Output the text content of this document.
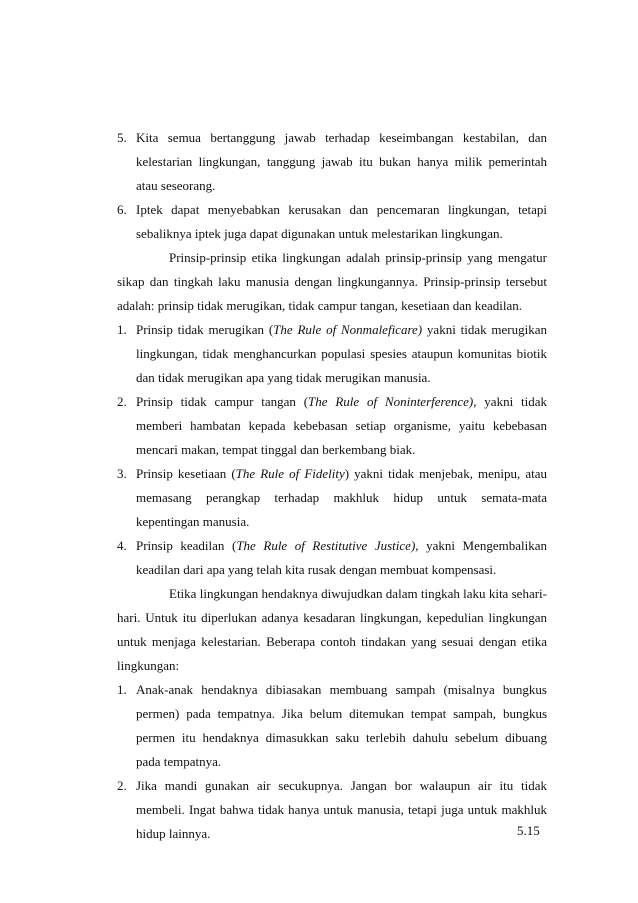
5. Kita semua bertanggung jawab terhadap keseimbangan kestabilan, dan
kelestarian lingkungan, tanggung jawab itu bukan hanya milik pemerintah
atau seseorang.
6. Iptek dapat menyebabkan kerusakan dan pencemaran lingkungan, tetapi
sebaliknya iptek juga dapat digunakan untuk melestarikan lingkungan.
Prinsip-prinsip etika lingkungan adalah prinsip-prinsip yang mengatur
sikap dan tingkah laku manusia dengan lingkungannya. Prinsip-prinsip tersebut
adalah: prinsip tidak merugikan, tidak campur tangan, kesetiaan dan keadilan.
1. Prinsip tidak merugikan (The Rule of Nonmaleficare) yakni tidak merugikan
lingkungan, tidak menghancurkan populasi spesies ataupun komunitas biotik
dan tidak merugikan apa yang tidak merugikan manusia.
2. Prinsip tidak campur tangan (The Rule of Noninterference), yakni tidak
memberi hambatan kepada kebebasan setiap organisme, yaitu kebebasan
mencari makan, tempat tinggal dan berkembang biak.
3. Prinsip kesetiaan (The Rule of Fidelity) yakni tidak menjebak, menipu, atau
memasang perangkap terhadap makhluk hidup untuk semata-mata
kepentingan manusia.
4. Prinsip keadilan (The Rule of Restitutive Justice), yakni Mengembalikan
keadilan dari apa yang telah kita rusak dengan membuat kompensasi.
Etika lingkungan hendaknya diwujudkan dalam tingkah laku kita sehari-
hari. Untuk itu diperlukan adanya kesadaran lingkungan, kepedulian lingkungan
untuk menjaga kelestarian. Beberapa contoh tindakan yang sesuai dengan etika
lingkungan:
1. Anak-anak hendaknya dibiasakan membuang sampah (misalnya bungkus
permen) pada tempatnya. Jika belum ditemukan tempat sampah, bungkus
permen itu hendaknya dimasukkan saku terlebih dahulu sebelum dibuang
pada tempatnya.
2. Jika mandi gunakan air secukupnya. Jangan bor walaupun air itu tidak
membeli. Ingat bahwa tidak hanya untuk manusia, tetapi juga untuk makhluk
hidup lainnya.	5.15
